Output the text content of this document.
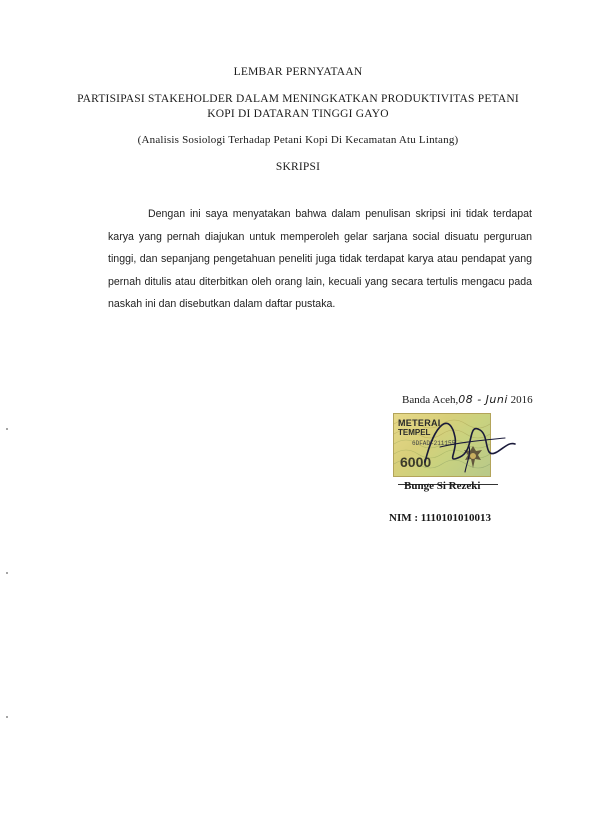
LEMBAR PERNYATAAN
PARTISIPASI STAKEHOLDER DALAM MENINGKATKAN PRODUKTIVITAS PETANI
KOPI DI DATARAN TINGGI GAYO
(Analisis Sosiologi Terhadap Petani Kopi Di Kecamatan Atu Lintang)
SKRIPSI
Dengan ini saya menyatakan bahwa dalam penulisan skripsi ini tidak terdapat karya yang pernah diajukan untuk memperoleh gelar sarjana social disuatu perguruan tinggi, dan sepanjang pengetahuan peneliti juga tidak terdapat karya atau pendapat yang pernah ditulis atau diterbitkan oleh orang lain, kecuali yang secara tertulis mengacu pada naskah ini dan disebutkan dalam daftar pustaka.
Banda Aceh,08 - Juni 2016
METERAI
TEMPEL
6DFADF211155
6000
Bunge Si Rezeki
NIM : 1110101010013
